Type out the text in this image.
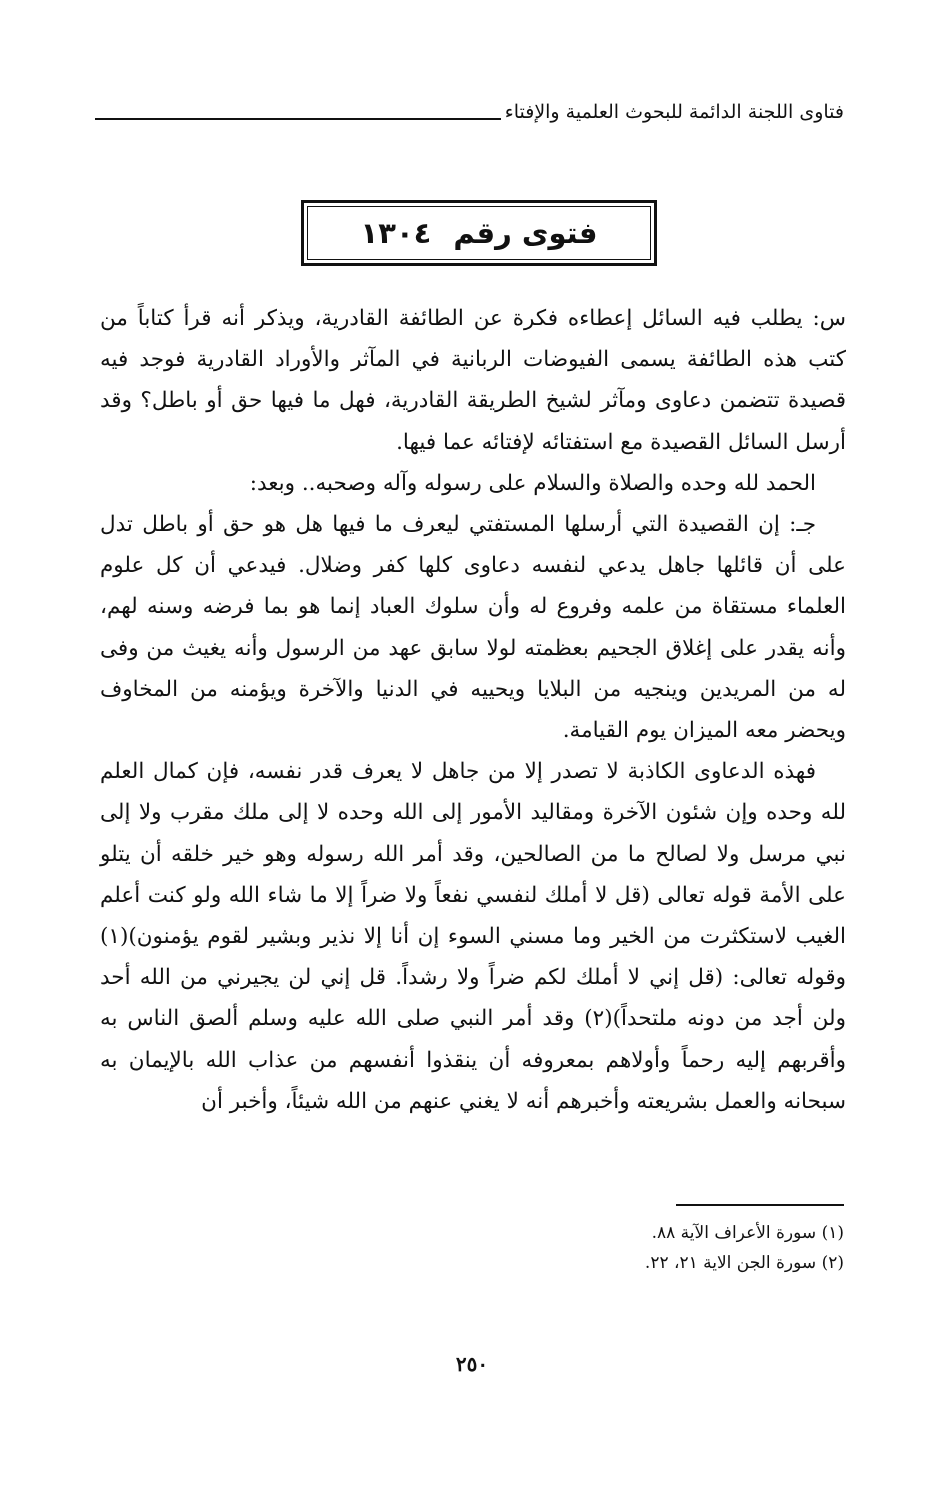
فتاوى اللجنة الدائمة للبحوث العلمية والإفتاء
فتوى رقم١٣٠٤

س: يطلب فيه السائل إعطاءه فكرة عن الطائفة القادرية، ويذكر أنه قرأ كتاباً من كتب هذه الطائفة يسمى الفيوضات الربانية في المآثر والأوراد القادرية فوجد فيه قصيدة تتضمن دعاوى ومآثر لشيخ الطريقة القادرية، فهل ما فيها حق أو باطل؟ وقد أرسل السائل القصيدة مع استفتائه لإفتائه عما فيها.

الحمد لله وحده والصلاة والسلام على رسوله وآله وصحبه.. وبعد:

جـ: إن القصيدة التي أرسلها المستفتي ليعرف ما فيها هل هو حق أو باطل تدل على أن قائلها جاهل يدعي لنفسه دعاوى كلها كفر وضلال. فيدعي أن كل علوم العلماء مستقاة من علمه وفروع له وأن سلوك العباد إنما هو بما فرضه وسنه لهم، وأنه يقدر على إغلاق الجحيم بعظمته لولا سابق عهد من الرسول وأنه يغيث من وفى له من المريدين وينجيه من البلايا ويحييه في الدنيا والآخرة ويؤمنه من المخاوف ويحضر معه الميزان يوم القيامة.

فهذه الدعاوى الكاذبة لا تصدر إلا من جاهل لا يعرف قدر نفسه، فإن كمال العلم لله وحده وإن شئون الآخرة ومقاليد الأمور إلى الله وحده لا إلى ملك مقرب ولا إلى نبي مرسل ولا لصالح ما من الصالحين، وقد أمر الله رسوله وهو خير خلقه أن يتلو على الأمة قوله تعالى (قل لا أملك لنفسي نفعاً ولا ضراً إلا ما شاء الله ولو كنت أعلم الغيب لاستكثرت من الخير وما مسني السوء إن أنا إلا نذير وبشير لقوم يؤمنون)(١) وقوله تعالى: (قل إني لا أملك لكم ضراً ولا رشداً. قل إني لن يجيرني من الله أحد ولن أجد من دونه ملتحداً)(٢) وقد أمر النبي صلى الله عليه وسلم ألصق الناس به وأقربهم إليه رحماً وأولاهم بمعروفه أن ينقذوا أنفسهم من عذاب الله بالإيمان به سبحانه والعمل بشريعته وأخبرهم أنه لا يغني عنهم من الله شيئاً، وأخبر أن

(١) سورة الأعراف الآية ٨٨.
(٢) سورة الجن الاية ٢١، ٢٢.
٢٥٠
